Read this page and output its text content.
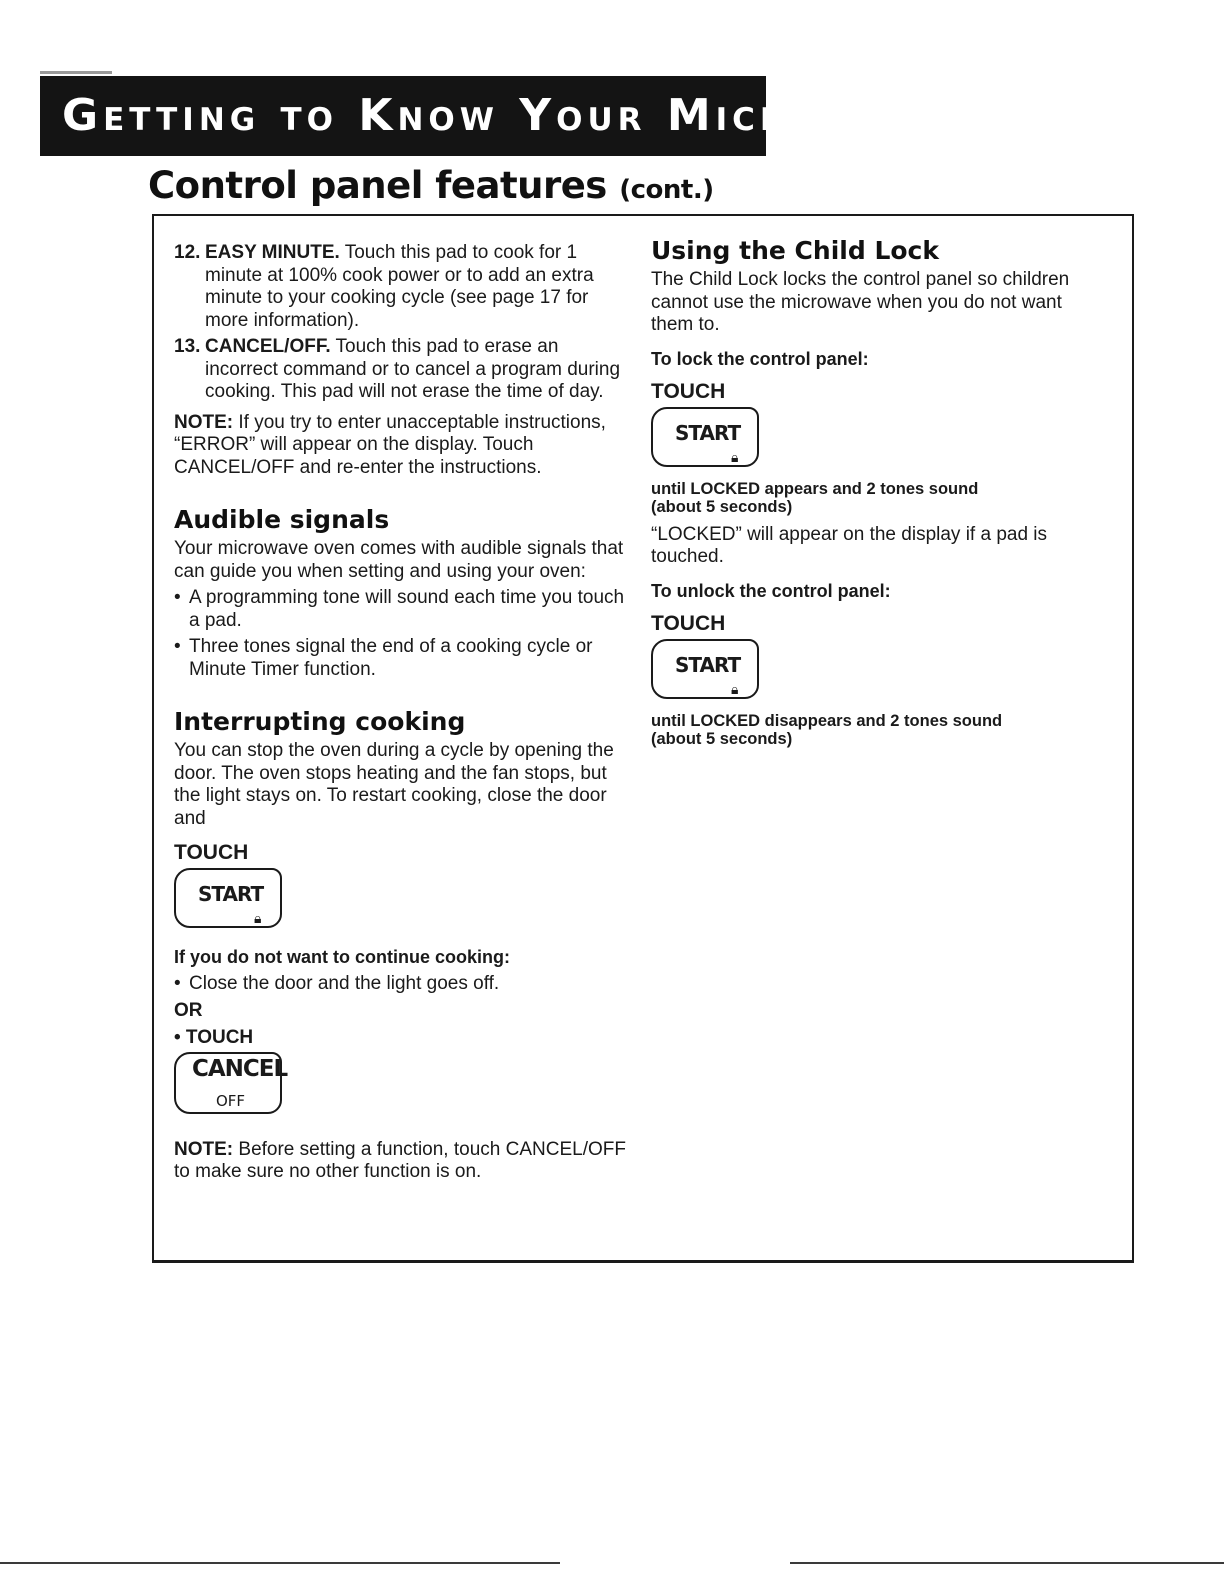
Getting to Know Your Microwave Oven
Control panel features (cont.)
12. EASY MINUTE. Touch this pad to cook for 1 minute at 100% cook power or to add an extra minute to your cooking cycle (see page 17 for more information).
13. CANCEL/OFF. Touch this pad to erase an incorrect command or to cancel a program during cooking. This pad will not erase the time of day.

NOTE: If you try to enter unacceptable instructions, “ERROR” will appear on the display. Touch CANCEL/OFF and re-enter the instructions.

Audible signals

Your microwave oven comes with audible signals that can guide you when setting and using your oven:

• A programming tone will sound each time you touch a pad.
• Three tones signal the end of a cooking cycle or Minute Timer function.
Interrupting cooking

You can stop the oven during a cycle by opening the door. The oven stops heating and the fan stops, but the light stays on. To restart cooking, close the door and

TOUCH
START
🔒︎

If you do not want to continue cooking:

• Close the door and the light goes off.

OR

• TOUCH

CANCEL
OFF

NOTE: Before setting a function, touch CANCEL/OFF to make sure no other function is on.

Using the Child Lock

The Child Lock locks the control panel so children cannot use the microwave when you do not want them to.

To lock the control panel:

TOUCH
START
🔒︎

until LOCKED appears and 2 tones sound

(about 5 seconds)

“LOCKED” will appear on the display if a pad is touched.

To unlock the control panel:

TOUCH
START
🔒︎

until LOCKED disappears and 2 tones sound

(about 5 seconds)
